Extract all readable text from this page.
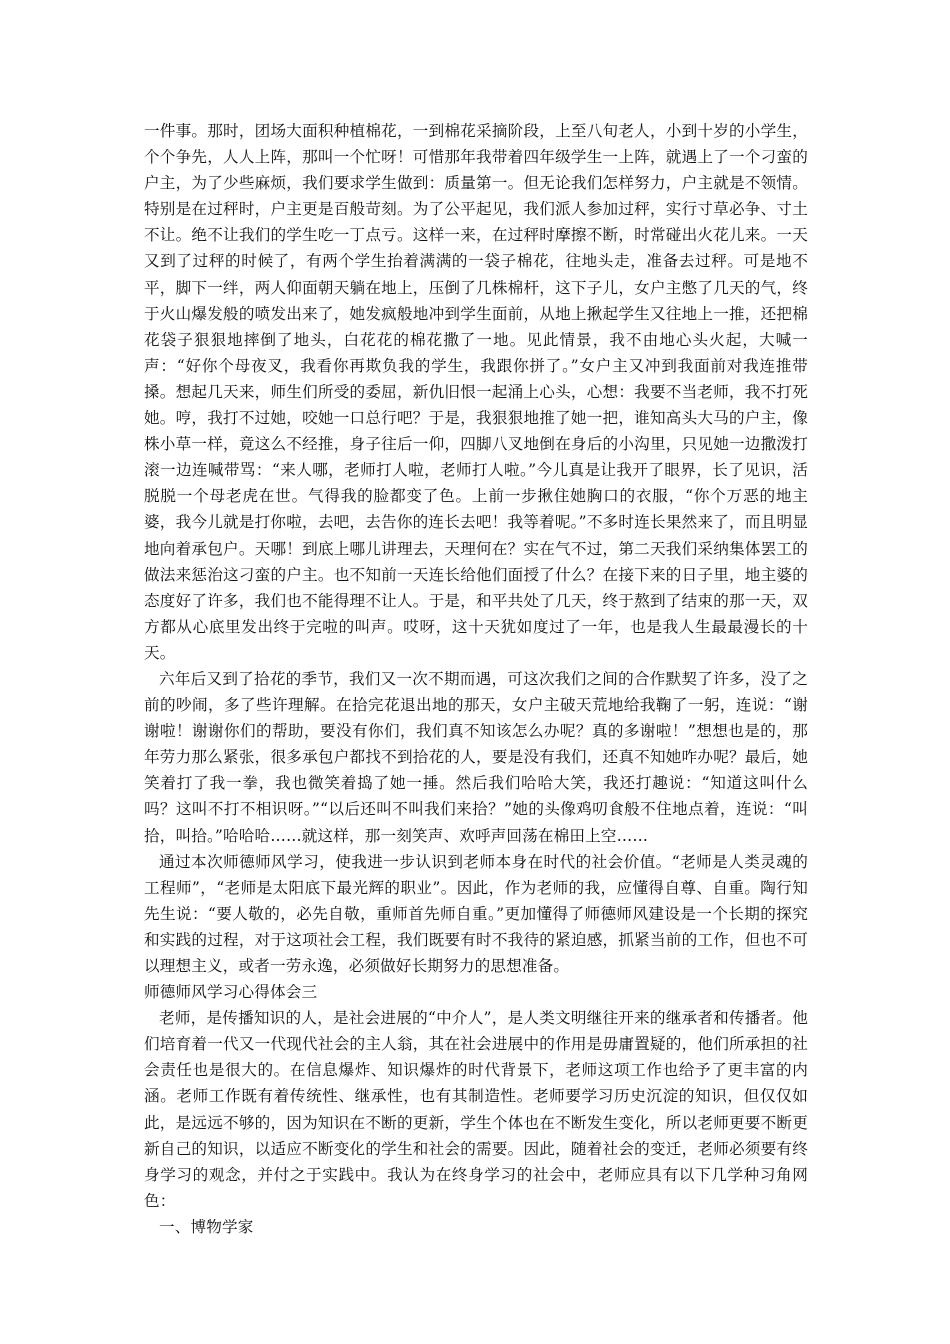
一件事。那时，团场大面积种植棉花，一到棉花采摘阶段，上至八旬老人，小到十岁的小学生，个个争先，人人上阵，那叫一个忙呀！可惜那年我带着四年级学生一上阵，就遇上了一个刁蛮的户主，为了少些麻烦，我们要求学生做到：质量第一。但无论我们怎样努力，户主就是不领情。特别是在过秤时，户主更是百般苛刻。为了公平起见，我们派人参加过秤，实行寸草必争、寸土不让。绝不让我们的学生吃一丁点亏。这样一来，在过秤时摩擦不断，时常碰出火花儿来。一天又到了过秤的时候了，有两个学生抬着满满的一袋子棉花，往地头走，准备去过秤。可是地不平，脚下一绊，两人仰面朝天躺在地上，压倒了几株棉杆，这下子儿，女户主憋了几天的气，终于火山爆发般的喷发出来了，她发疯般地冲到学生面前，从地上揪起学生又往地上一推，还把棉花袋子狠狠地摔倒了地头，白花花的棉花撒了一地。见此情景，我不由地心头火起，大喊一声：“好你个母夜叉，我看你再欺负我的学生，我跟你拼了。”女户主又冲到我面前对我连推带搡。想起几天来，师生们所受的委屈，新仇旧恨一起涌上心头，心想：我要不当老师，我不打死她。哼，我打不过她，咬她一口总行吧？于是，我狠狠地推了她一把，谁知高头大马的户主，像株小草一样，竟这么不经推，身子往后一仰，四脚八叉地倒在身后的小沟里，只见她一边撒泼打滚一边连喊带骂：“来人哪，老师打人啦，老师打人啦。”今儿真是让我开了眼界，长了见识，活脱脱一个母老虎在世。气得我的脸都变了色。上前一步揪住她胸口的衣服，“你个万恶的地主婆，我今儿就是打你啦，去吧，去告你的连长去吧！我等着呢。”不多时连长果然来了，而且明显地向着承包户。天哪！到底上哪儿讲理去，天理何在？实在气不过，第二天我们采纳集体罢工的做法来惩治这刁蛮的户主。也不知前一天连长给他们面授了什么？在接下来的日子里，地主婆的态度好了许多，我们也不能得理不让人。于是，和平共处了几天，终于熬到了结束的那一天，双方都从心底里发出终于完啦的叫声。哎呀，这十天犹如度过了一年，也是我人生最最漫长的十天。

六年后又到了拾花的季节，我们又一次不期而遇，可这次我们之间的合作默契了许多，没了之前的吵闹，多了些许理解。在拾完花退出地的那天，女户主破天荒地给我鞠了一躬，连说：“谢谢啦！谢谢你们的帮助，要没有你们，我们真不知该怎么办呢？真的多谢啦！”想想也是的，那年劳力那么紧张，很多承包户都找不到拾花的人，要是没有我们，还真不知她咋办呢？最后，她笑着打了我一拳，我也微笑着捣了她一捶。然后我们哈哈大笑，我还打趣说：“知道这叫什么吗？这叫不打不相识呀。”“以后还叫不叫我们来拾？”她的头像鸡叨食般不住地点着，连说：“叫拾，叫拾。”哈哈哈……就这样，那一刻笑声、欢呼声回荡在棉田上空……

通过本次师德师风学习，使我进一步认识到老师本身在时代的社会价值。“老师是人类灵魂的工程师”，“老师是太阳底下最光辉的职业”。因此，作为老师的我，应懂得自尊、自重。陶行知先生说：“要人敬的，必先自敬，重师首先师自重。”更加懂得了师德师风建设是一个长期的探究和实践的过程，对于这项社会工程，我们既要有时不我待的紧迫感，抓紧当前的工作，但也不可以理想主义，或者一劳永逸，必须做好长期努力的思想准备。

师德师风学习心得体会三

老师，是传播知识的人，是社会进展的“中介人”，是人类文明继往开来的继承者和传播者。他们培育着一代又一代现代社会的主人翁，其在社会进展中的作用是毋庸置疑的，他们所承担的社会责任也是很大的。在信息爆炸、知识爆炸的时代背景下，老师这项工作也给予了更丰富的内涵。老师工作既有着传统性、继承性，也有其制造性。老师要学习历史沉淀的知识，但仅仅如此，是远远不够的，因为知识在不断的更新，学生个体也在不断发生变化，所以老师更要不断更新自己的知识，以适应不断变化的学生和社会的需要。因此，随着社会的变迁，老师必须要有终身学习的观念，并付之于实践中。我认为在终身学习的社会中，老师应具有以下几学种习角网色：

一、博物学家
